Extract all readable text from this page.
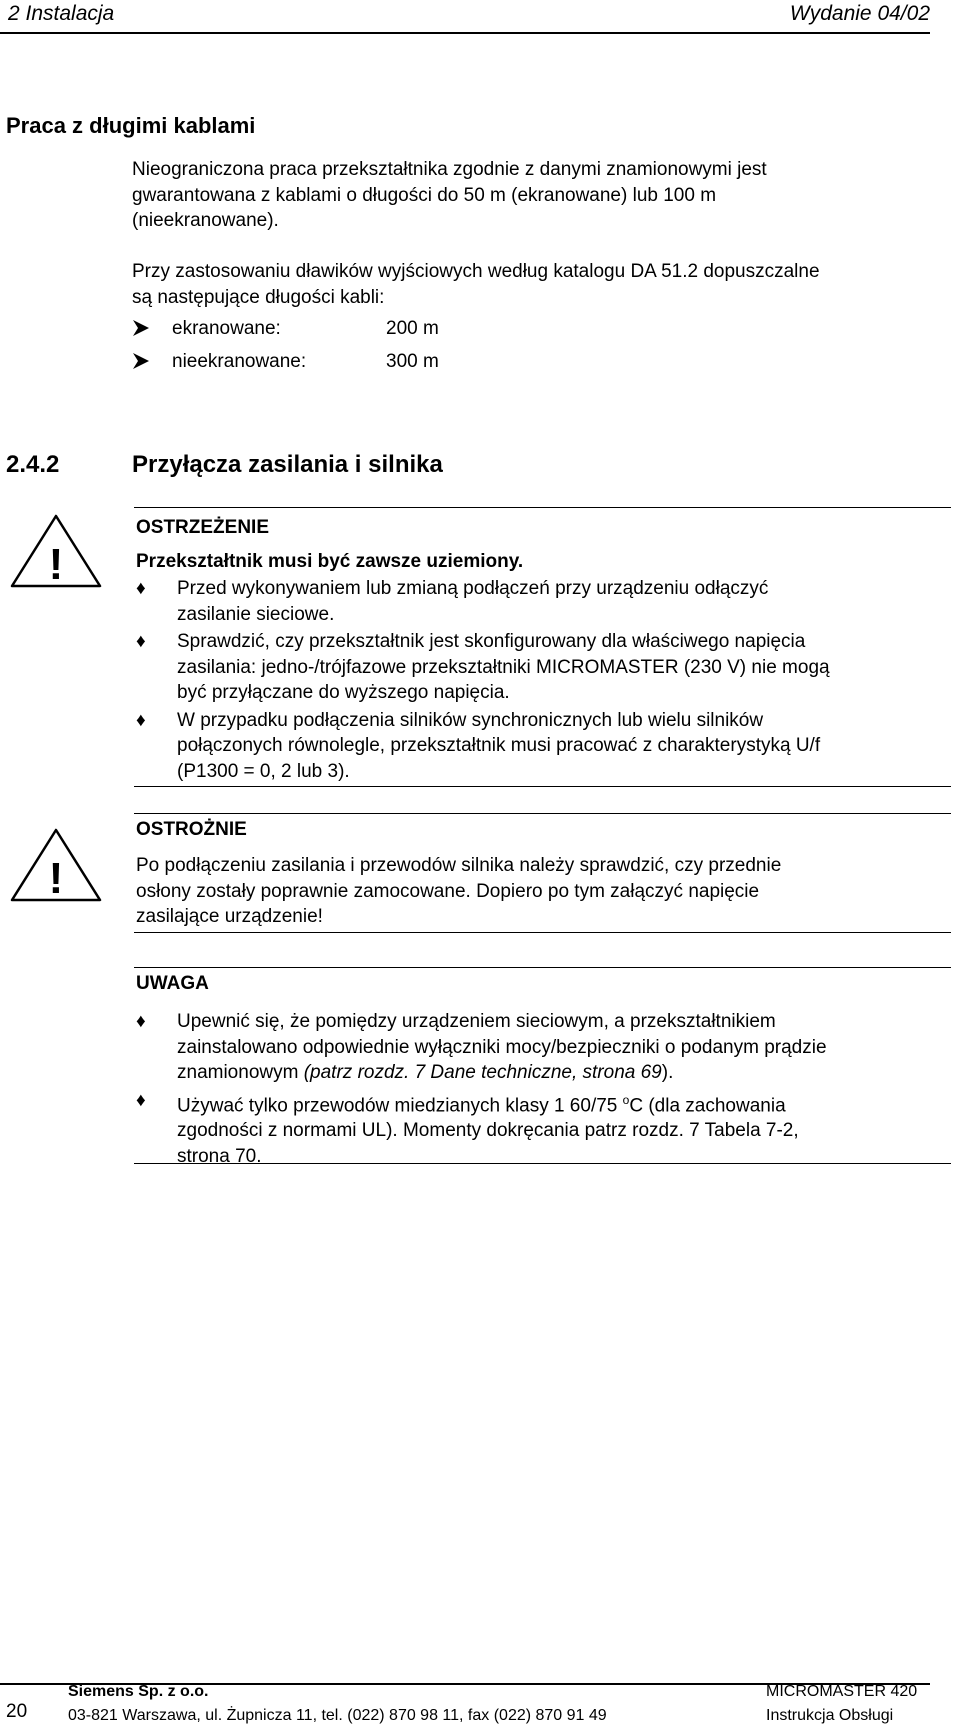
2 Instalacja	Wydanie 04/02
Praca z długimi kablami
Nieograniczona praca przekształtnika zgodnie z danymi znamionowymi jest
gwarantowana z kablami o długości do 50 m (ekranowane) lub 100 m
(nieekranowane).
Przy zastosowaniu dławików wyjściowych według katalogu DA 51.2 dopuszczalne
są następujące długości kabli:
ekranowane:	200 m
nieekranowane:	300 m
2.4.2	Przyłącza zasilania i silnika
!
OSTRZEŻENIE
Przekształtnik musi być zawsze uziemiony.
♦ Przed wykonywaniem lub zmianą podłączeń przy urządzeniu odłączyć
zasilanie sieciowe.
♦ Sprawdzić, czy przekształtnik jest skonfigurowany dla właściwego napięcia
zasilania: jedno-/trójfazowe przekształtniki MICROMASTER (230 V) nie mogą
być przyłączane do wyższego napięcia.
♦ W przypadku podłączenia silników synchronicznych lub wielu silników
połączonych równolegle, przekształtnik musi pracować z charakterystyką U/f
(P1300 = 0, 2 lub 3).
!
OSTROŻNIE
Po podłączeniu zasilania i przewodów silnika należy sprawdzić, czy przednie
osłony zostały poprawnie zamocowane. Dopiero po tym załączyć napięcie
zasilające urządzenie!
UWAGA
♦ Upewnić się, że pomiędzy urządzeniem sieciowym, a przekształtnikiem
zainstalowano odpowiednie wyłączniki mocy/bezpieczniki o podanym prądzie
znamionowym (patrz rozdz. 7 Dane techniczne, strona 69).
♦ Używać tylko przewodów miedzianych klasy 1 60/75 $^o$C (dla zachowania
zgodności z normami UL). Momenty dokręcania patrz rozdz. 7 Tabela 7-2,
strona 70.
20
Siemens Sp. z o.o.
03-821 Warszawa, ul. Żupnicza 11, tel. (022) 870 98 11, fax (022) 870 91 49
MICROMASTER 420
Instrukcja Obsługi
